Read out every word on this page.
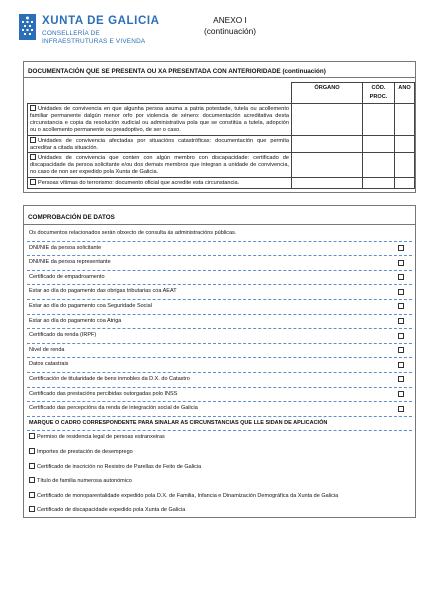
XUNTA DE GALICIA
CONSELLERÍA DE
INFRAESTRUTURAS E VIVENDA
ANEXO I
(continuación)
DOCUMENTACIÓN QUE SE PRESENTA OU XA PRESENTADA CON ANTERIORIDADE (continuación)
	ÓRGANO	CÓD. PROC.	ANO
Unidades de convivencia en que algunha persoa asuma a patria potestade, tutela ou acollemento familiar permanente dalgún menor orfo por violencia de xénero: documentación acreditativa desta circunstancia e copia da resolución xudicial ou administrativa pola que se constitúa a tutela, adopción ou o acollemento permanente ou preadoptivo, de ser o caso.			
Unidades de convivencia afectadas por situacións catastróficas: documentación que permita acreditar a citada situación.			
Unidades de convivencia que conten con algún membro con discapacidade: certificado de discapacidade da persoa solicitante e/ou dos demais membros que integran a unidade de convivencia, no caso de non ser expedido pola Xunta de Galicia.			
Persoas vítimas do terrorismo: documento oficial que acredite esta circunstancia.			
COMPROBACIÓN DE DATOS
Os documentos relacionados serán obxecto de consulta ás administracións públicas.
DNI/NIE da persoa solicitante
DNI/NIE da persoa representante
Certificado de empadroamento
Estar ao día do pagamento das obrigas tributarias coa AEAT
Estar ao día do pagamento coa Seguridade Social
Estar ao día do pagamento coa Atriga
Certificado da renda (IRPF)
Nivel de renda
Datos catastrais
Certificación de titularidade de bens inmobles da D.X. do Catastro
Certificado das prestacións percibidas outorgadas polo INSS
Certificado das percepcións da renda de integración social de Galicia
MARQUE O CADRO CORRESPONDENTE PARA SINALAR AS CIRCUNSTANCIAS QUE LLE SIDAN DE APLICACIÓN
Permiso de residencia legal de persoas estranxeiras
Importes de prestación de desemprego
Certificado de inscrición no Rexistro de Parellas de Feito de Galicia
Título de familia numerosa autonómico
Certificado de monoparentalidade expedido pola D.X. de Familia, Infancia e Dinamización Demográfica da Xunta de Galicia
Certificado de discapacidade expedido pola Xunta de Galicia
